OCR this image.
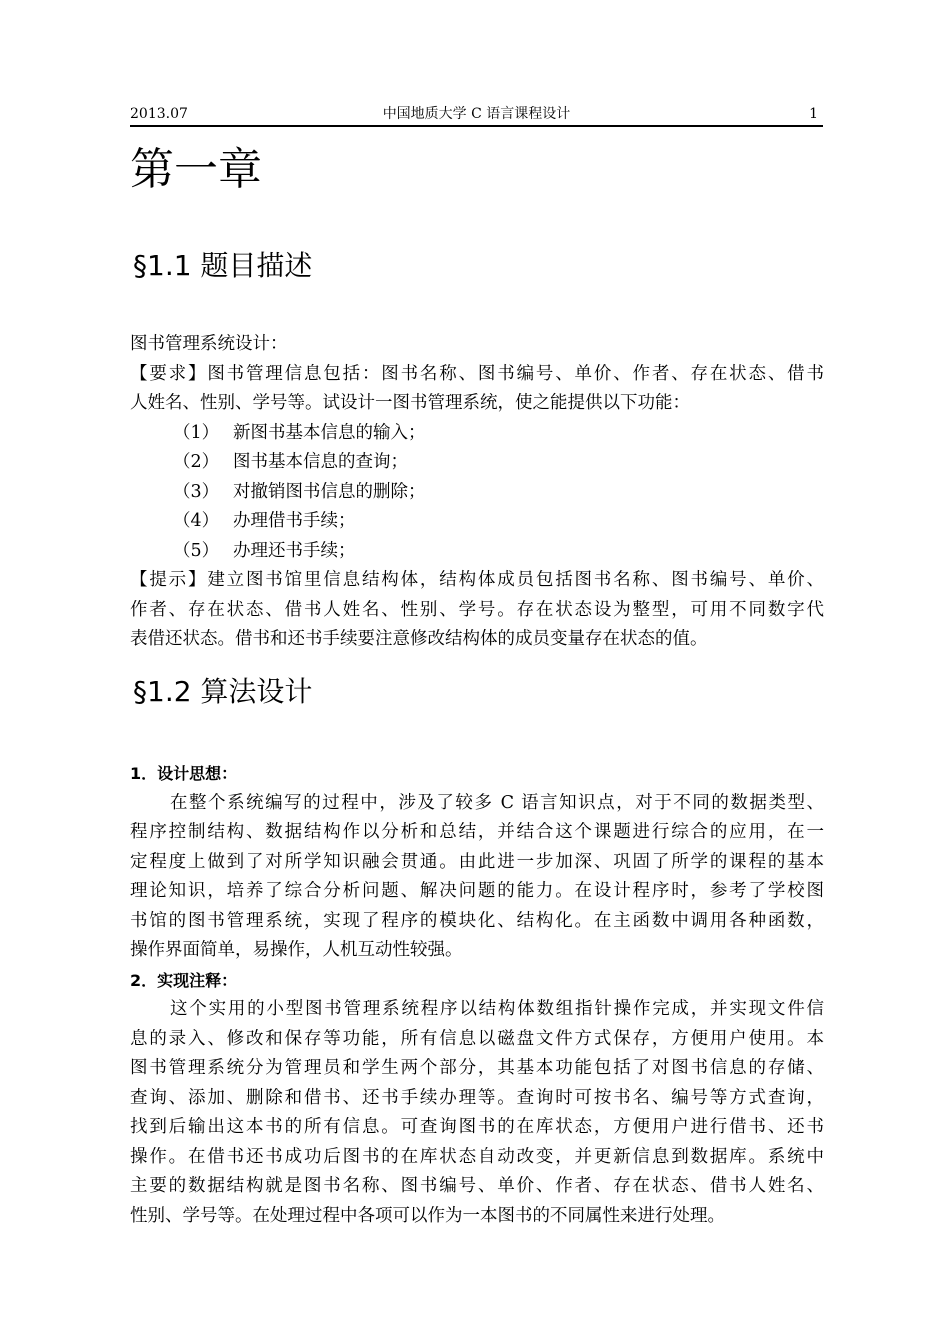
2013.07	中国地质大学 C 语言课程设计	1
第一章
§1.1 题目描述
图书管理系统设计：
【要求】图书管理信息包括：图书名称、图书编号、单价、作者、存在状态、借书
人姓名、性别、学号等。试设计一图书管理系统，使之能提供以下功能：
（1） 新图书基本信息的输入；
（2） 图书基本信息的查询；
（3） 对撤销图书信息的删除；
（4） 办理借书手续；
（5） 办理还书手续；
【提示】建立图书馆里信息结构体，结构体成员包括图书名称、图书编号、单价、
作者、存在状态、借书人姓名、性别、学号。存在状态设为整型，可用不同数字代
表借还状态。借书和还书手续要注意修改结构体的成员变量存在状态的值。
§1.2 算法设计
1．设计思想：
在整个系统编写的过程中，涉及了较多 C 语言知识点，对于不同的数据类型、
程序控制结构、数据结构作以分析和总结，并结合这个课题进行综合的应用，在一
定程度上做到了对所学知识融会贯通。由此进一步加深、巩固了所学的课程的基本
理论知识，培养了综合分析问题、解决问题的能力。在设计程序时，参考了学校图
书馆的图书管理系统，实现了程序的模块化、结构化。在主函数中调用各种函数，
操作界面简单，易操作，人机互动性较强。
2．实现注释：
这个实用的小型图书管理系统程序以结构体数组指针操作完成，并实现文件信
息的录入、修改和保存等功能，所有信息以磁盘文件方式保存，方便用户使用。本
图书管理系统分为管理员和学生两个部分，其基本功能包括了对图书信息的存储、
查询、添加、删除和借书、还书手续办理等。查询时可按书名、编号等方式查询，
找到后输出这本书的所有信息。可查询图书的在库状态，方便用户进行借书、还书
操作。在借书还书成功后图书的在库状态自动改变，并更新信息到数据库。系统中
主要的数据结构就是图书名称、图书编号、单价、作者、存在状态、借书人姓名、
性别、学号等。在处理过程中各项可以作为一本图书的不同属性来进行处理。
